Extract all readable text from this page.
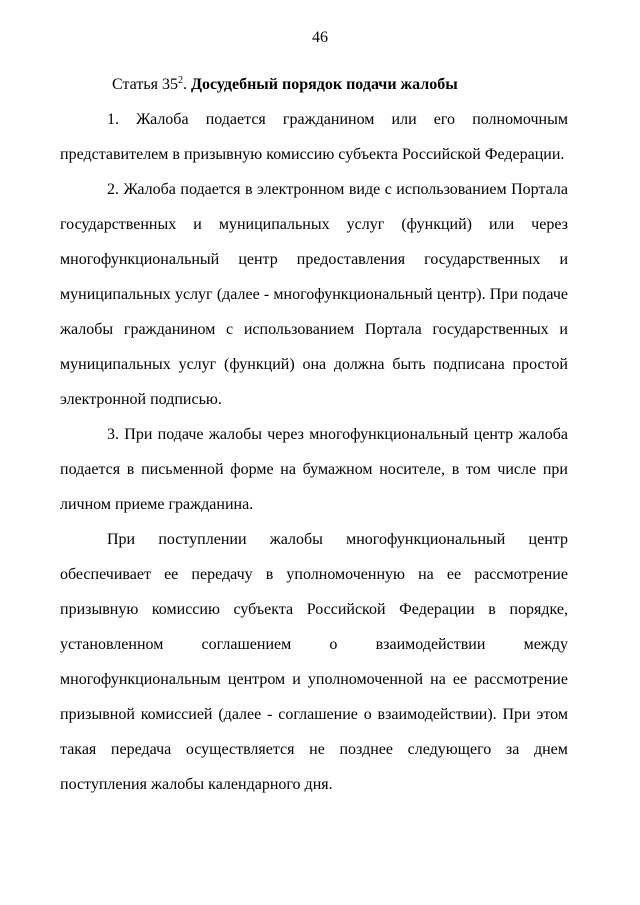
46
Статья $35^2$. Досудебный порядок подачи жалобы
1. Жалоба подается гражданином или его полномочным
представителем в призывную комиссию субъекта Российской Федерации.
2. Жалоба подается в электронном виде с использованием Портала
государственных и муниципальных услуг (функций) или через
многофункциональный центр предоставления государственных и
муниципальных услуг (далее - многофункциональный центр). При подаче
жалобы гражданином с использованием Портала государственных и
муниципальных услуг (функций) она должна быть подписана простой
электронной подписью.
3. При подаче жалобы через многофункциональный центр жалоба
подается в письменной форме на бумажном носителе, в том числе при
личном приеме гражданина.
При поступлении жалобы многофункциональный центр
обеспечивает ее передачу в уполномоченную на ее рассмотрение
призывную комиссию субъекта Российской Федерации в порядке,
установленном соглашением о взаимодействии между
многофункциональным центром и уполномоченной на ее рассмотрение
призывной комиссией (далее - соглашение о взаимодействии). При этом
такая передача осуществляется не позднее следующего за днем
поступления жалобы календарного дня.
